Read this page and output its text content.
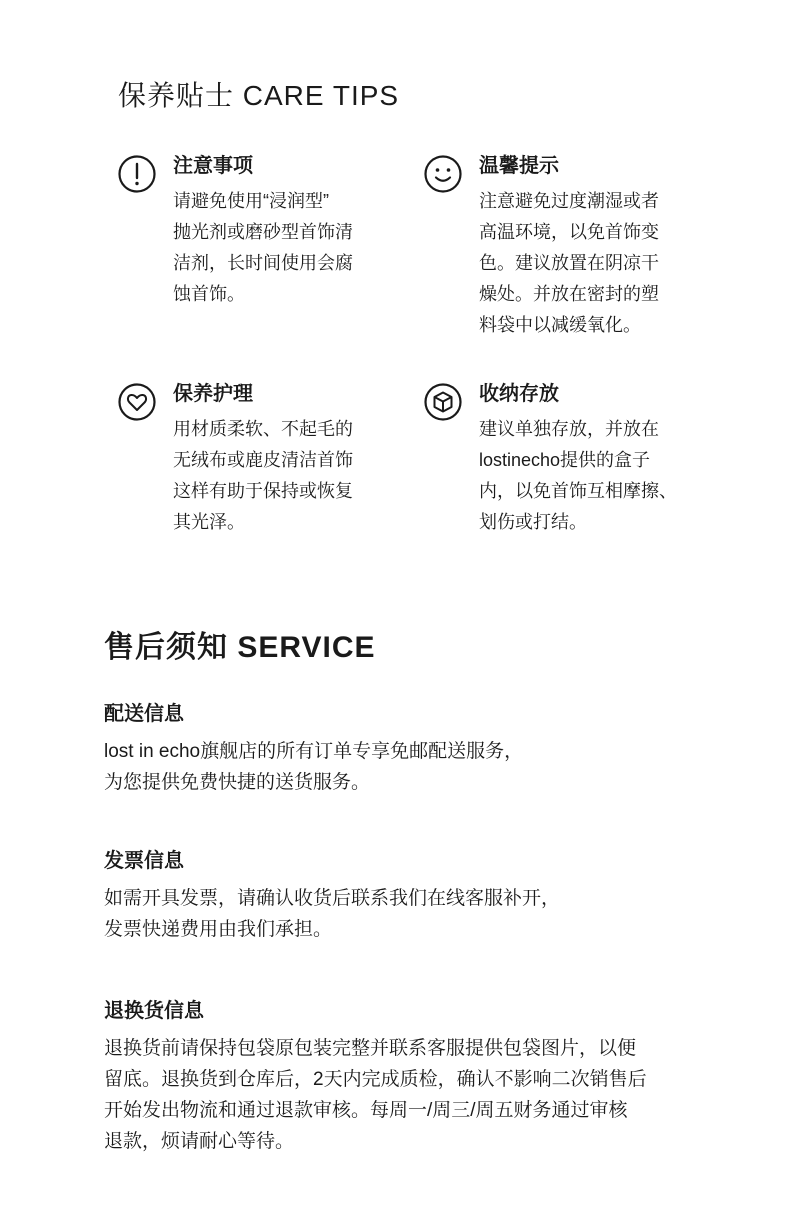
保养贴士 CARE TIPS

注意事项

请避免使用“浸润型”

抛光剂或磨砂型首饰清

洁剂，长时间使用会腐

蚀首饰。

温馨提示

注意避免过度潮湿或者

高温环境，以免首饰变

色。建议放置在阴凉干

燥处。并放在密封的塑

料袋中以减缓氧化。

保养护理

用材质柔软、不起毛的

无绒布或鹿皮清洁首饰

这样有助于保持或恢复

其光泽。

收纳存放

建议单独存放，并放在

lostinecho提供的盒子

内，以免首饰互相摩擦、

划伤或打结。

售后须知 SERVICE

配送信息

lost in echo旗舰店的所有订单专享免邮配送服务，

为您提供免费快捷的送货服务。

发票信息

如需开具发票，请确认收货后联系我们在线客服补开，

发票快递费用由我们承担。

退换货信息

退换货前请保持包袋原包装完整并联系客服提供包袋图片，以便

留底。退换货到仓库后，2天内完成质检，确认不影响二次销售后

开始发出物流和通过退款审核。每周一/周三/周五财务通过审核

退款，烦请耐心等待。
